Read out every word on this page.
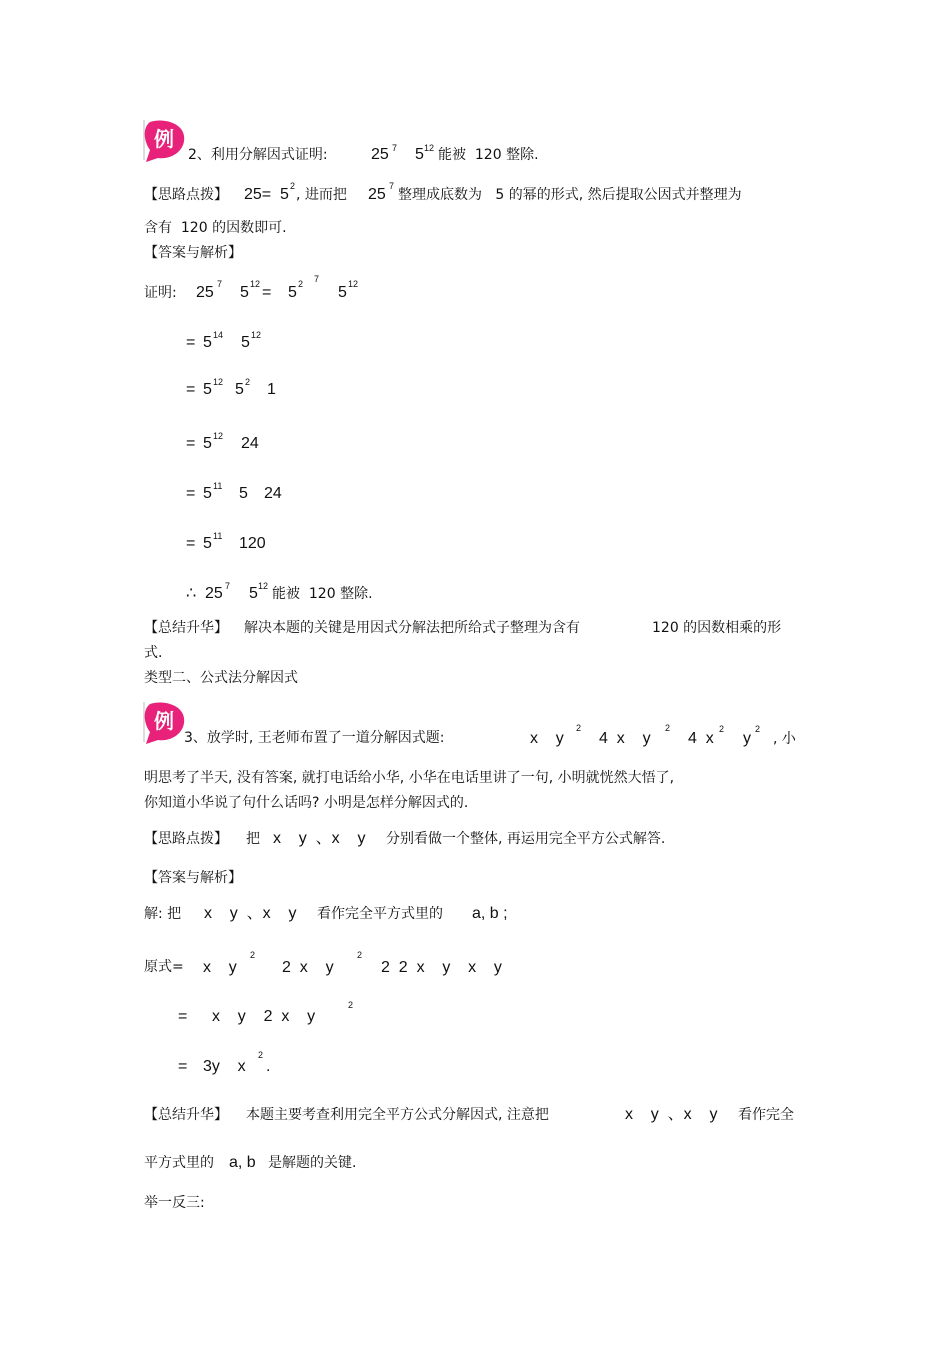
例
2、利用分解因式证明:	25 7 5 12 能被  120 整除.
【思路点拨】 25= 5 2
, 进而把 25 7
整理成底数为   5 的幂的形式, 然后提取公因式并整理为
含有  120 的因数即可.
【答案与解析】
证明: 25 7 5 12 = 5 2 7
5 12
= 5 14 5 12
= 5 12 5 2 1
= 5 12 24
= 5 11 5 24
= 5 11 120
∴ 25 7 5 12 能被  120 整除.
【总结升华】 解决本题的关键是用因式分解法把所给式子整理为含有	120 的因数相乘的形
式.
类型二、公式法分解因式
例
3、放学时, 王老师布置了一道分解因式题:	x    y
2
4  x    y
2
4  x
2
y
2
, 小
明思考了半天, 没有答案, 就打电话给小华, 小华在电话里讲了一句, 小明就恍然大悟了,
你知道小华说了句什么话吗? 小明是怎样分解因式的.
【思路点拨】 把 x    y  、x    y 分别看做一个整体, 再运用完全平方公式解答.
【答案与解析】
解: 把 x    y  、x    y 看作完全平方式里的 a, b ;
原式= x    y
2
2  x    y
2
2  2  x    y    x    y
= x    y    2  x    y
2
= 3y    x
2
.
【总结升华】 本题主要考查利用完全平方公式分解因式, 注意把	x    y  、x    y 看作完全
平方式里的 a, b 是解题的关键.
举一反三:
